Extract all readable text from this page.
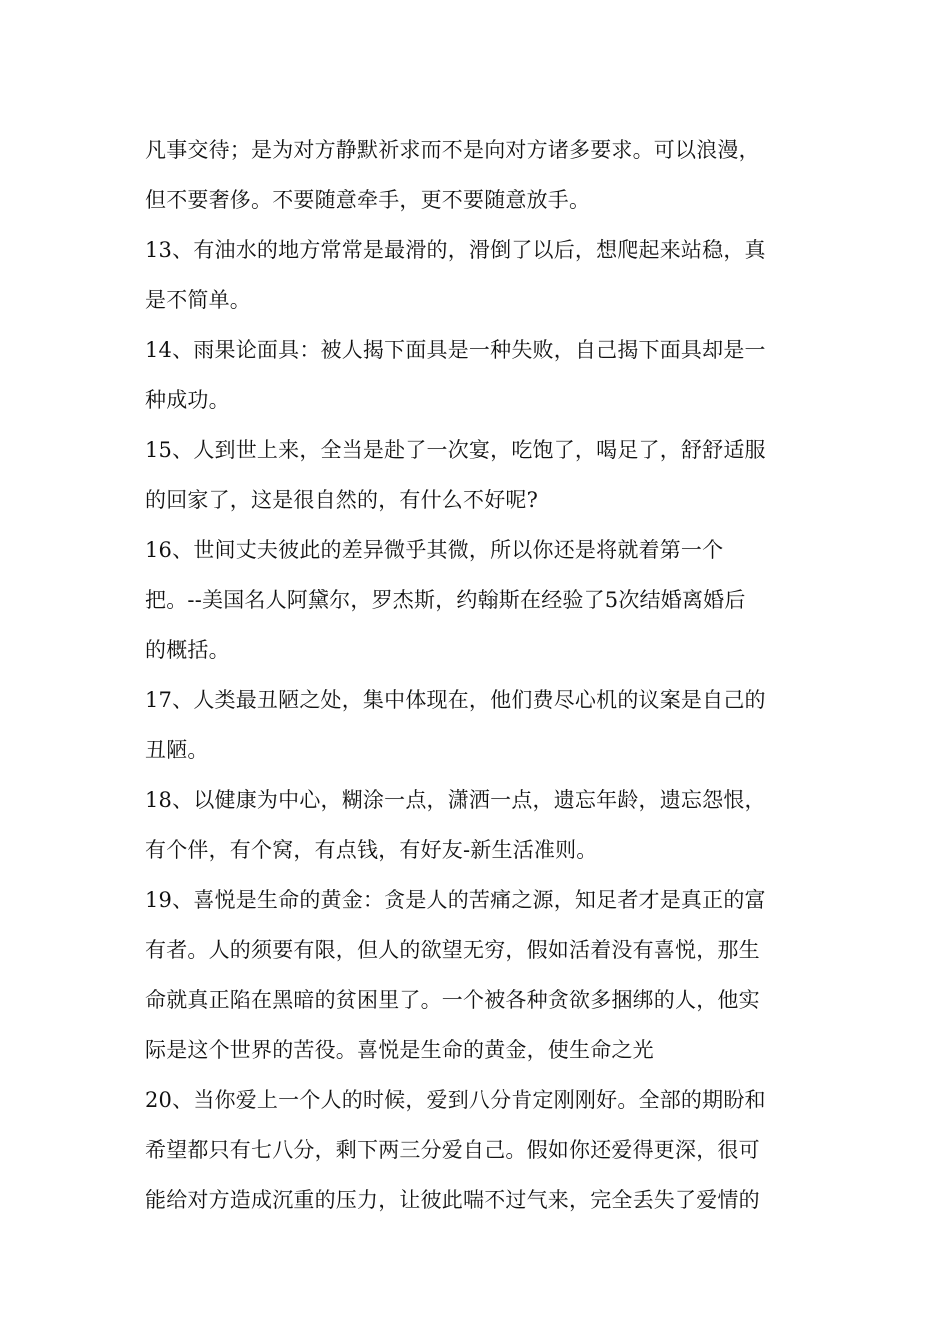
凡事交待；是为对方静默祈求而不是向对方诸多要求。可以浪漫，
但不要奢侈。不要随意牵手，更不要随意放手。
13、有油水的地方常常是最滑的，滑倒了以后，想爬起来站稳，真
是不简单。
14、雨果论面具：被人揭下面具是一种失败，自己揭下面具却是一
种成功。
15、人到世上来，全当是赴了一次宴，吃饱了，喝足了，舒舒适服
的回家了，这是很自然的，有什么不好呢?
16、世间丈夫彼此的差异微乎其微，所以你还是将就着第一个
把。--美国名人阿黛尔，罗杰斯，约翰斯在经验了5次结婚离婚后
的概括。
17、人类最丑陋之处，集中体现在，他们费尽心机的议案是自己的
丑陋。
18、以健康为中心，糊涂一点，潇洒一点，遗忘年龄，遗忘怨恨，
有个伴，有个窝，有点钱，有好友-新生活准则。
19、喜悦是生命的黄金：贪是人的苦痛之源，知足者才是真正的富
有者。人的须要有限，但人的欲望无穷，假如活着没有喜悦，那生
命就真正陷在黑暗的贫困里了。一个被各种贪欲多捆绑的人，他实
际是这个世界的苦役。喜悦是生命的黄金，使生命之光
20、当你爱上一个人的时候，爱到八分肯定刚刚好。全部的期盼和
希望都只有七八分，剩下两三分爱自己。假如你还爱得更深，很可
能给对方造成沉重的压力，让彼此喘不过气来，完全丢失了爱情的
